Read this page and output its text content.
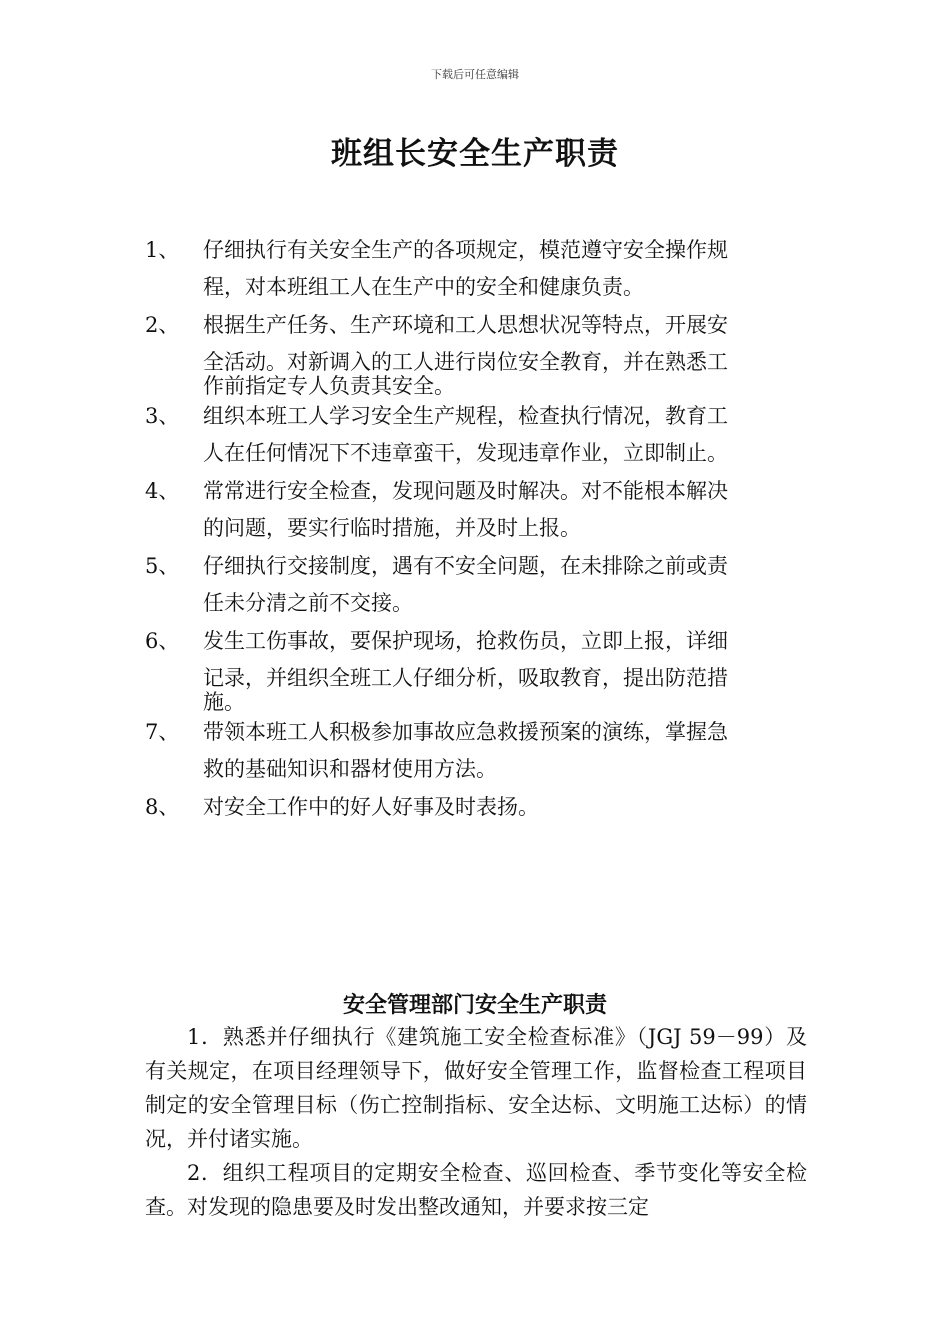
下载后可任意编辑
班组长安全生产职责
1、	仔细执行有关安全生产的各项规定，模范遵守安全操作规
程，对本班组工人在生产中的安全和健康负责。
2、	根据生产任务、生产环境和工人思想状况等特点，开展安
全活动。对新调入的工人进行岗位安全教育，并在熟悉工
作前指定专人负责其安全。
3、	组织本班工人学习安全生产规程，检查执行情况，教育工
人在任何情况下不违章蛮干，发现违章作业，立即制止。
4、	常常进行安全检查，发现问题及时解决。对不能根本解决
的问题，要实行临时措施，并及时上报。
5、	仔细执行交接制度，遇有不安全问题，在未排除之前或责
任未分清之前不交接。
6、	发生工伤事故，要保护现场，抢救伤员，立即上报，详细
记录，并组织全班工人仔细分析，吸取教育，提出防范措
施。
7、	带领本班工人积极参加事故应急救援预案的演练，掌握急
救的基础知识和器材使用方法。
8、	对安全工作中的好人好事及时表扬。
安全管理部门安全生产职责

1．熟悉并仔细执行《建筑施工安全检查标准》（JGJ 59－99）及有关规定，在项目经理领导下，做好安全管理工作，监督检查工程项目制定的安全管理目标（伤亡控制指标、安全达标、文明施工达标）的情况，并付诸实施。

2．组织工程项目的定期安全检查、巡回检查、季节变化等安全检查。对发现的隐患要及时发出整改通知，并要求按三定
